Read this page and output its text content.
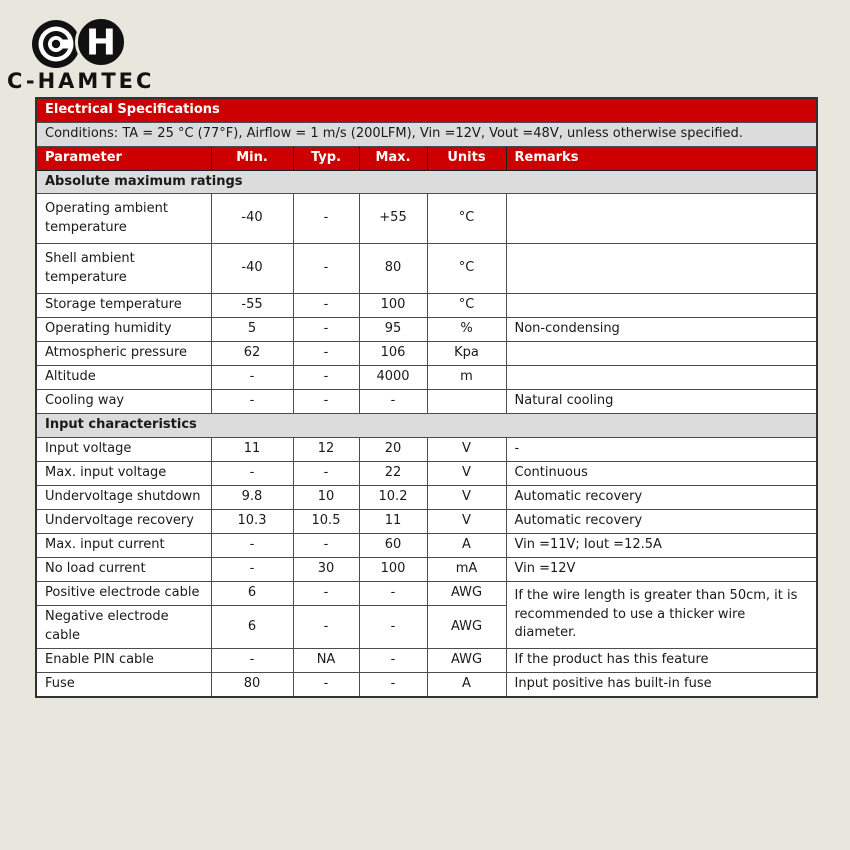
H
C-HAMTEC
Electrical Specifications					
Conditions: TA = 25 °C (77°F), Airflow = 1 m/s (200LFM), Vin =12V, Vout =48V, unless otherwise specified.					
Parameter	Min.	Typ.	Max.	Units	Remarks
Absolute maximum ratings					
Operating ambient temperature	-40	-	+55	°C	
Shell ambient temperature	-40	-	80	°C	
Storage temperature	-55	-	100	°C	
Operating humidity	5	-	95	%	Non-condensing
Atmospheric pressure	62	-	106	Kpa	
Altitude	-	-	4000	m	
Cooling way	-	-	-		Natural cooling
Input characteristics					
Input voltage	11	12	20	V	-
Max. input voltage	-	-	22	V	Continuous
Undervoltage shutdown	9.8	10	10.2	V	Automatic recovery
Undervoltage recovery	10.3	10.5	11	V	Automatic recovery
Max. input current	-	-	60	A	Vin =11V; Iout =12.5A
No load current	-	30	100	mA	Vin =12V
Positive electrode cable	6	-	-	AWG	If the wire length is greater than 50cm, it is recommended to use a thicker wire diameter.
Negative electrode cable	6	-	-	AWG	
Enable PIN cable	-	NA	-	AWG	If the product has this feature
Fuse	80	-	-	A	Input positive has built-in fuse
